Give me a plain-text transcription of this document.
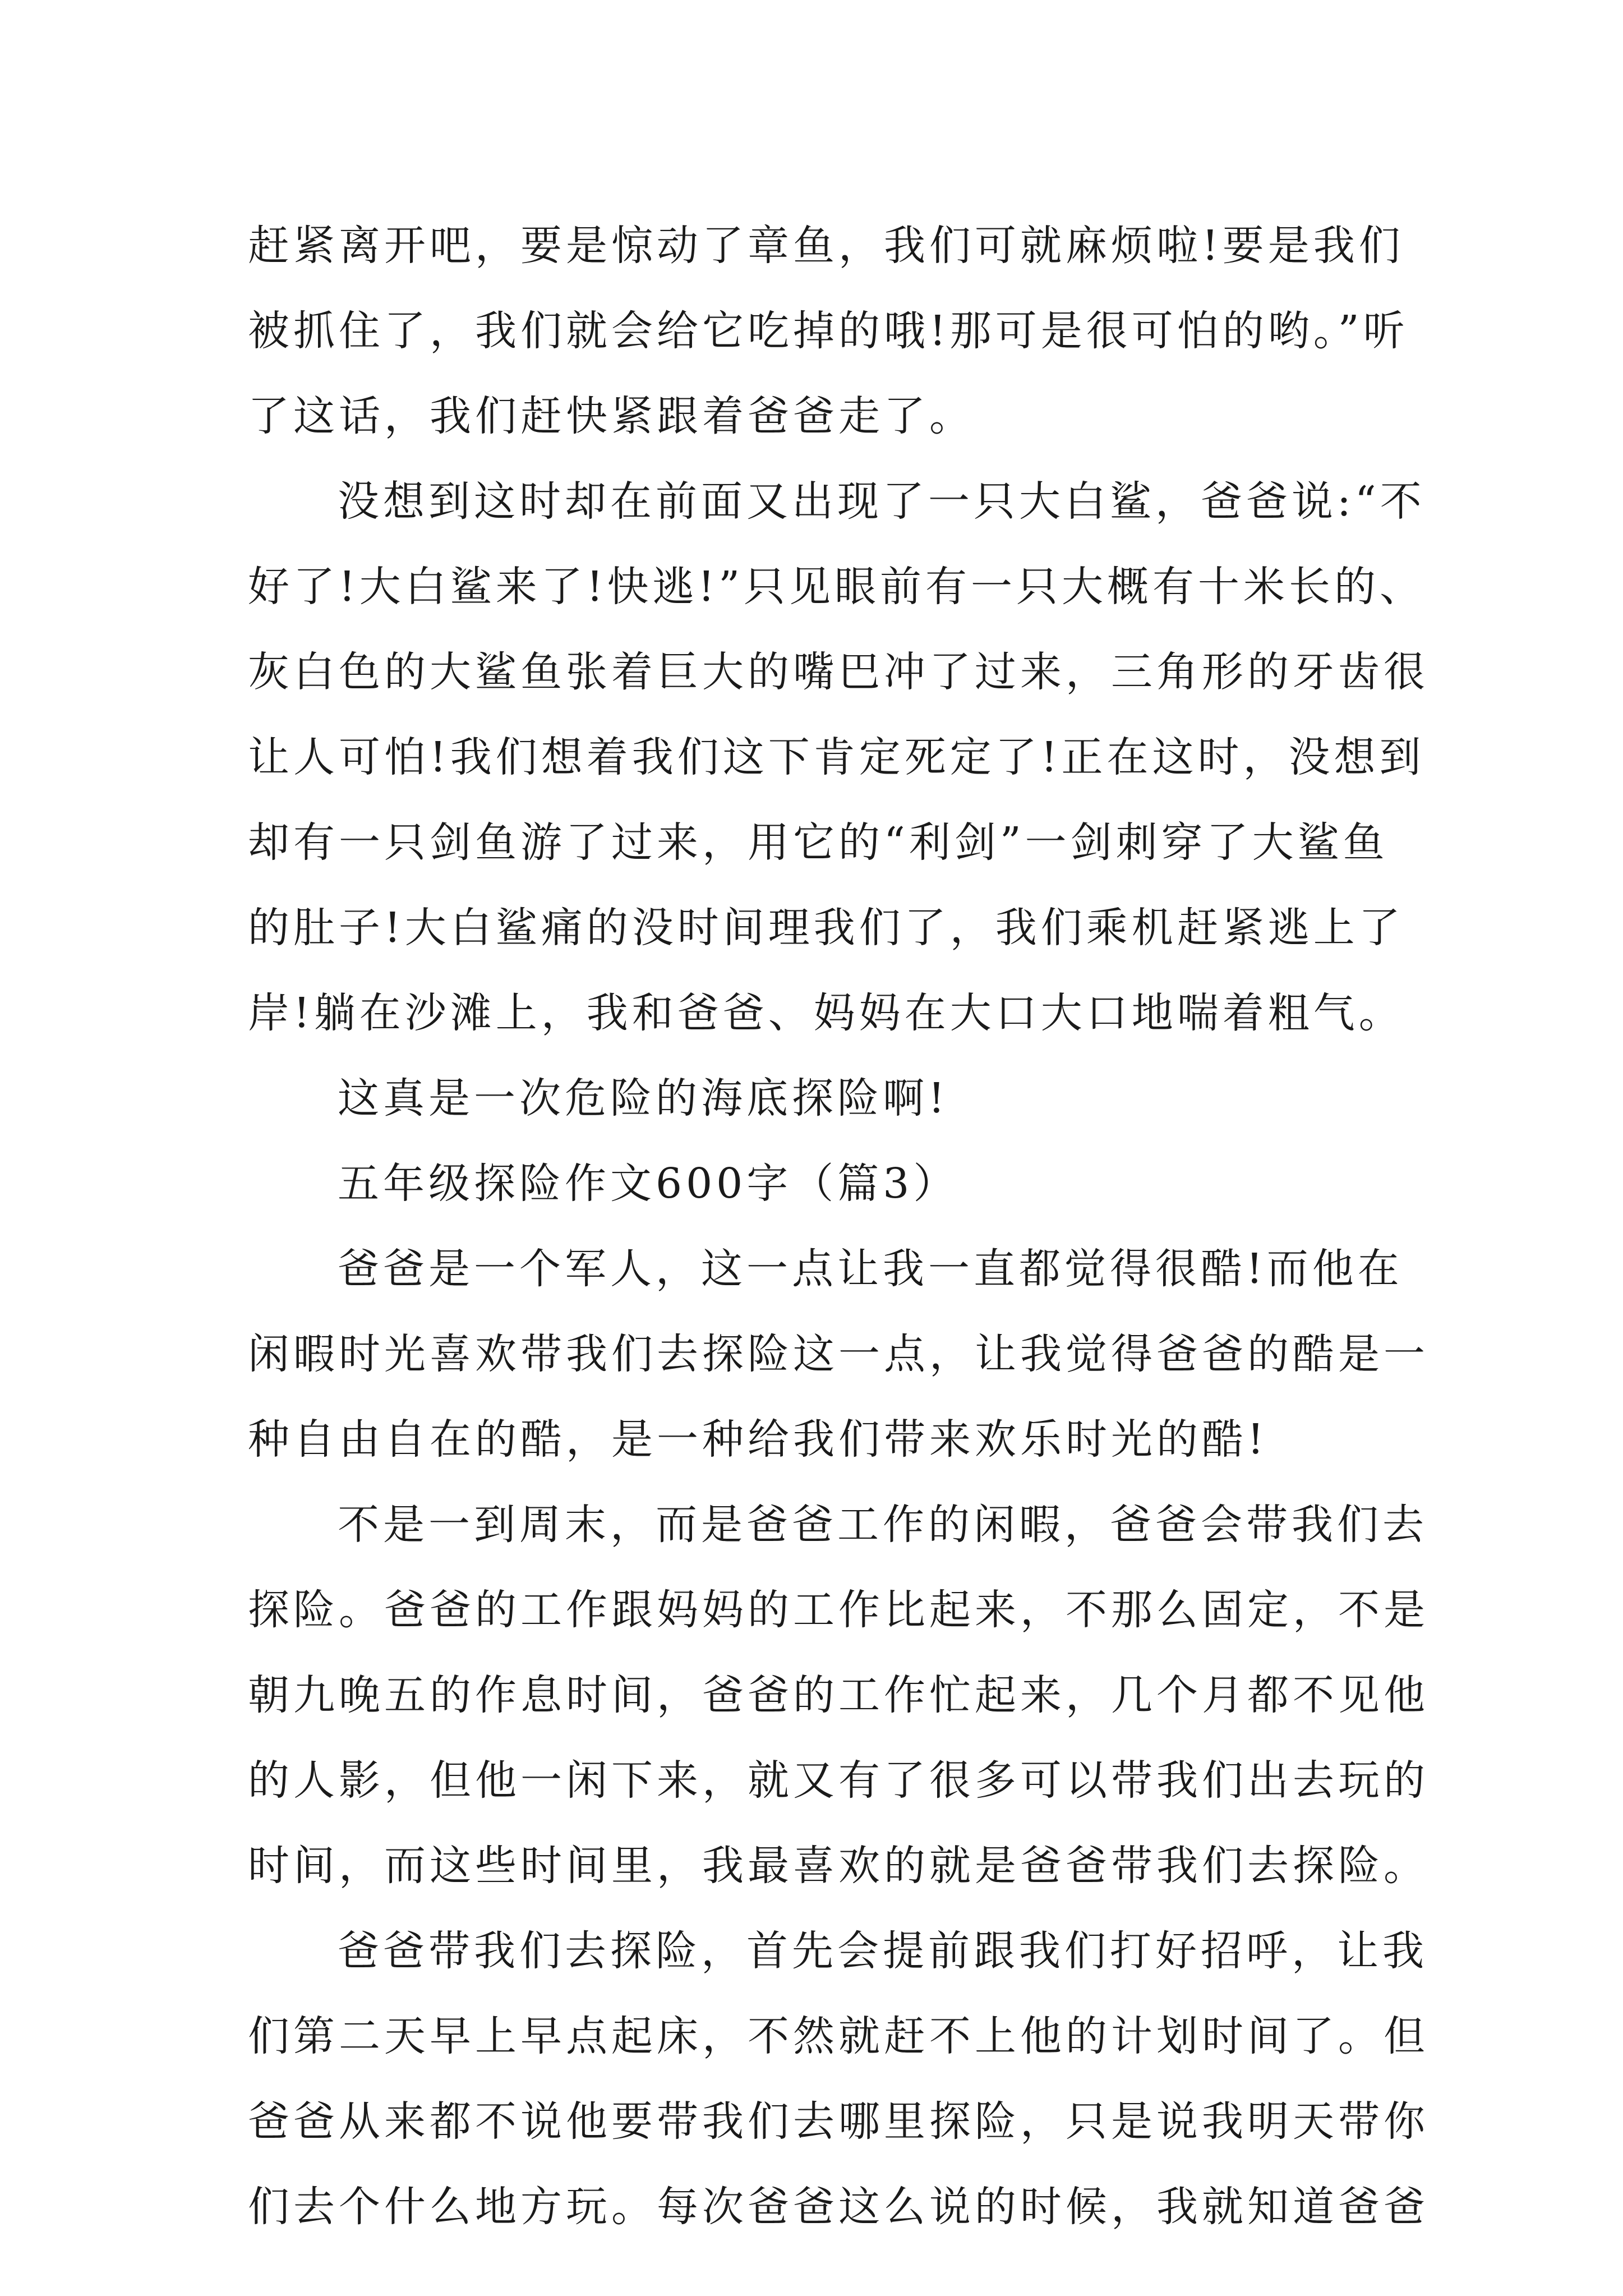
赶紧离开吧，要是惊动了章鱼，我们可就麻烦啦!要是我们
被抓住了，我们就会给它吃掉的哦!那可是很可怕的哟。”听
了这话，我们赶快紧跟着爸爸走了。
没想到这时却在前面又出现了一只大白鲨，爸爸说:“不
好了!大白鲨来了!快逃!”只见眼前有一只大概有十米长的、
灰白色的大鲨鱼张着巨大的嘴巴冲了过来，三角形的牙齿很
让人可怕!我们想着我们这下肯定死定了!正在这时，没想到
却有一只剑鱼游了过来，用它的“利剑”一剑刺穿了大鲨鱼
的肚子!大白鲨痛的没时间理我们了，我们乘机赶紧逃上了
岸!躺在沙滩上，我和爸爸、妈妈在大口大口地喘着粗气。
这真是一次危险的海底探险啊!
五年级探险作文600字（篇3）
爸爸是一个军人，这一点让我一直都觉得很酷!而他在
闲暇时光喜欢带我们去探险这一点，让我觉得爸爸的酷是一
种自由自在的酷，是一种给我们带来欢乐时光的酷!
不是一到周末，而是爸爸工作的闲暇，爸爸会带我们去
探险。爸爸的工作跟妈妈的工作比起来，不那么固定，不是
朝九晚五的作息时间，爸爸的工作忙起来，几个月都不见他
的人影，但他一闲下来，就又有了很多可以带我们出去玩的
时间，而这些时间里，我最喜欢的就是爸爸带我们去探险。
爸爸带我们去探险，首先会提前跟我们打好招呼，让我
们第二天早上早点起床，不然就赶不上他的计划时间了。但
爸爸从来都不说他要带我们去哪里探险，只是说我明天带你
们去个什么地方玩。每次爸爸这么说的时候，我就知道爸爸
